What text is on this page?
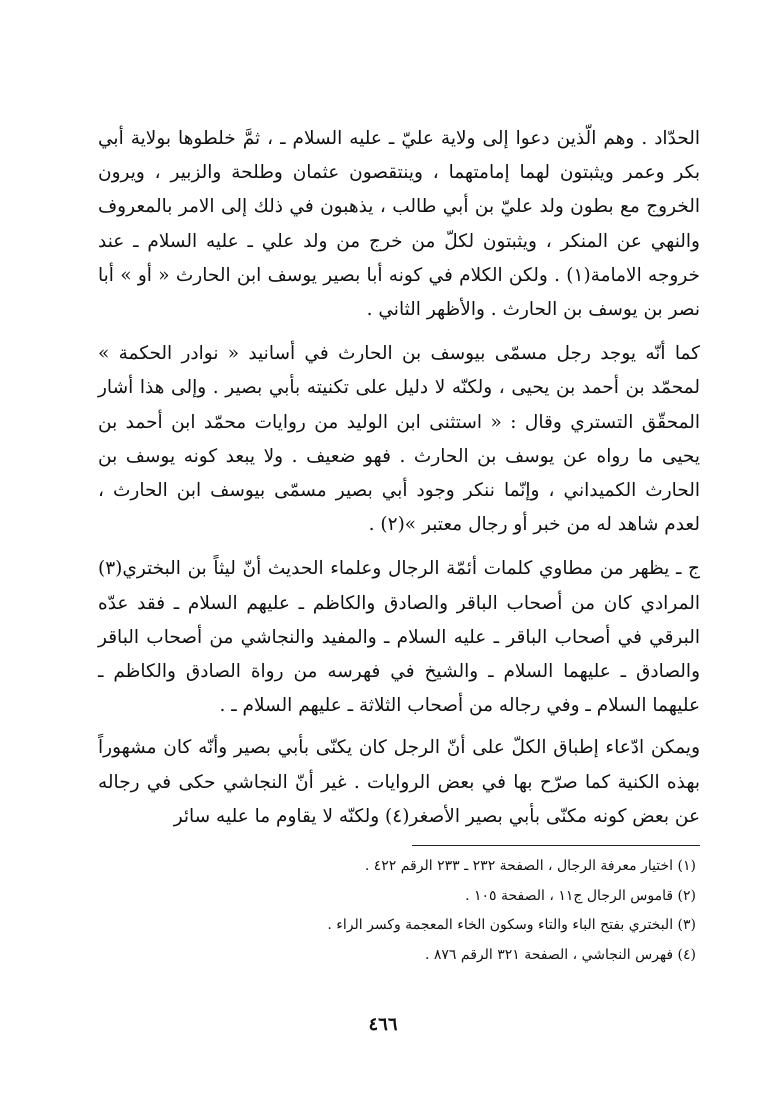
الحدّاد . وهم الّذين دعوا إلى ولاية عليّ ـ عليه السلام ـ ، ثمَّ خلطوها بولاية أبي بكر وعمر ويثبتون لهما إمامتهما ، وينتقصون عثمان وطلحة والزبير ، ويرون الخروج مع بطون ولد عليّ بن أبي طالب ، يذهبون في ذلك إلى الامر بالمعروف والنهي عن المنكر ، ويثبتون لكلّ من خرج من ولد علي ـ عليه السلام ـ عند خروجه الامامة(١) . ولكن الكلام في كونه أبا بصير يوسف ابن الحارث « أو » أبا نصر بن يوسف بن الحارث . والأظهر الثاني .

كما أنّه يوجد رجل مسمّى بيوسف بن الحارث في أسانيد « نوادر الحكمة » لمحمّد بن أحمد بن يحيى ، ولكنّه لا دليل على تكنيته بأبي بصير . وإلى هذا أشار المحقّق التستري وقال : « استثنى ابن الوليد من روايات محمّد ابن أحمد بن يحيى ما رواه عن يوسف بن الحارث . فهو ضعيف . ولا يبعد كونه يوسف بن الحارث الكميداني ، وإنّما ننكر وجود أبي بصير مسمّى بيوسف ابن الحارث ، لعدم شاهد له من خبر أو رجال معتبر »(٢) .

ج ـ يظهر من مطاوي كلمات أئمّة الرجال وعلماء الحديث أنّ ليثاً بن البختري(٣) المرادي كان من أصحاب الباقر والصادق والكاظم ـ عليهم السلام ـ فقد عدّه البرقي في أصحاب الباقر ـ عليه السلام ـ والمفيد والنجاشي من أصحاب الباقر والصادق ـ عليهما السلام ـ والشيخ في فهرسه من رواة الصادق والكاظم ـ عليهما السلام ـ وفي رجاله من أصحاب الثلاثة ـ عليهم السلام ـ .

ويمكن ادّعاء إطباق الكلّ على أنّ الرجل كان يكنّى بأبي بصير وأنّه كان مشهوراً بهذه الكنية كما صرّح بها في بعض الروايات . غير أنّ النجاشي حكى في رجاله عن بعض كونه مكنّى بأبي بصير الأصغر(٤) ولكنّه لا يقاوم ما عليه سائر

(١) اختيار معرفة الرجال ، الصفحة ٢٣٢ ـ ٢٣٣ الرقم ٤٢٢ .

(٢) قاموس الرجال ج١١ ، الصفحة ١٠٥ .

(٣) البختري بفتح الباء والتاء وسكون الخاء المعجمة وكسر الراء .

(٤) فهرس النجاشي ، الصفحة ٣٢١ الرقم ٨٧٦ .

٤٦٦
